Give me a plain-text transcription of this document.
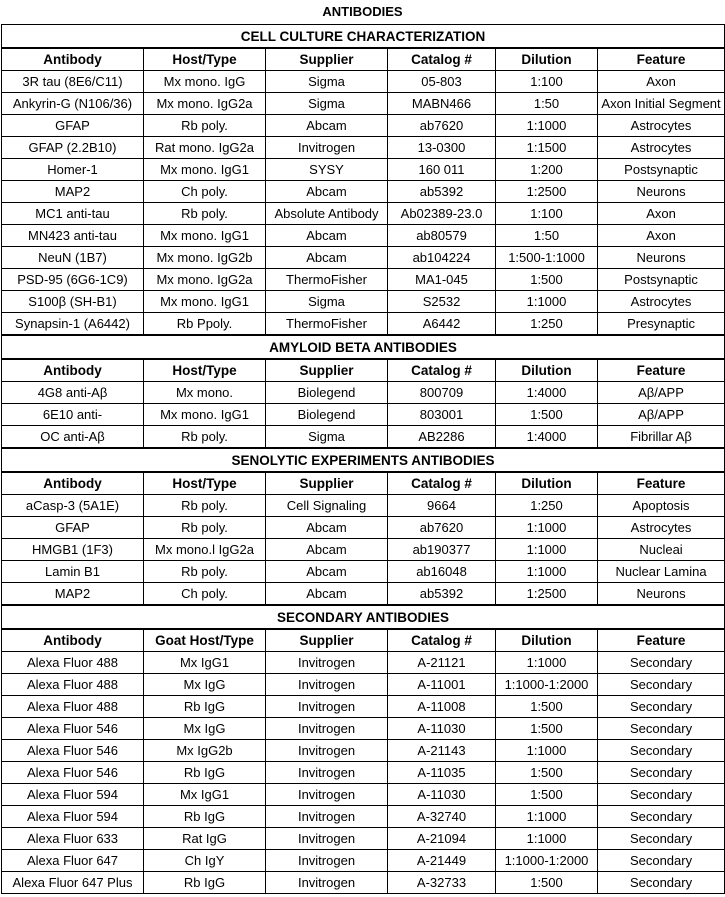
ANTIBODIES
CELL CULTURE CHARACTERIZATION					
Antibody	Host/Type	Supplier	Catalog #	Dilution	Feature
3R tau (8E6/C11)	Mx mono. IgG	Sigma	05-803	1:100	Axon
Ankyrin-G (N106/36)	Mx mono. IgG2a	Sigma	MABN466	1:50	Axon Initial Segment
GFAP	Rb poly.	Abcam	ab7620	1:1000	Astrocytes
GFAP (2.2B10)	Rat mono. IgG2a	Invitrogen	13-0300	1:1500	Astrocytes
Homer-1	Mx mono. IgG1	SYSY	160 011	1:200	Postsynaptic
MAP2	Ch poly.	Abcam	ab5392	1:2500	Neurons
MC1 anti-tau	Rb poly.	Absolute Antibody	Ab02389-23.0	1:100	Axon
MN423 anti-tau	Mx mono. IgG1	Abcam	ab80579	1:50	Axon
NeuN (1B7)	Mx mono. IgG2b	Abcam	ab104224	1:500-1:1000	Neurons
PSD-95 (6G6-1C9)	Mx mono. IgG2a	ThermoFisher	MA1-045	1:500	Postsynaptic
S100β (SH-B1)	Mx mono. IgG1	Sigma	S2532	1:1000	Astrocytes
Synapsin-1 (A6442)	Rb Ppoly.	ThermoFisher	A6442	1:250	Presynaptic
AMYLOID BETA ANTIBODIES					
Antibody	Host/Type	Supplier	Catalog #	Dilution	Feature
4G8 anti-Aβ	Mx mono.	Biolegend	800709	1:4000	Aβ/APP
6E10 anti-	Mx mono. IgG1	Biolegend	803001	1:500	Aβ/APP
OC anti-Aβ	Rb poly.	Sigma	AB2286	1:4000	Fibrillar Aβ
SENOLYTIC EXPERIMENTS ANTIBODIES					
Antibody	Host/Type	Supplier	Catalog #	Dilution	Feature
aCasp-3 (5A1E)	Rb poly.	Cell Signaling	9664	1:250	Apoptosis
GFAP	Rb poly.	Abcam	ab7620	1:1000	Astrocytes
HMGB1 (1F3)	Mx mono.l IgG2a	Abcam	ab190377	1:1000	Nucleai
Lamin B1	Rb poly.	Abcam	ab16048	1:1000	Nuclear Lamina
MAP2	Ch poly.	Abcam	ab5392	1:2500	Neurons
SECONDARY ANTIBODIES					
Antibody	Goat Host/Type	Supplier	Catalog #	Dilution	Feature
Alexa Fluor 488	Mx IgG1	Invitrogen	A-21121	1:1000	Secondary
Alexa Fluor 488	Mx IgG	Invitrogen	A-11001	1:1000-1:2000	Secondary
Alexa Fluor 488	Rb IgG	Invitrogen	A-11008	1:500	Secondary
Alexa Fluor 546	Mx IgG	Invitrogen	A-11030	1:500	Secondary
Alexa Fluor 546	Mx IgG2b	Invitrogen	A-21143	1:1000	Secondary
Alexa Fluor 546	Rb IgG	Invitrogen	A-11035	1:500	Secondary
Alexa Fluor 594	Mx IgG1	Invitrogen	A-11030	1:500	Secondary
Alexa Fluor 594	Rb IgG	Invitrogen	A-32740	1:1000	Secondary
Alexa Fluor 633	Rat IgG	Invitrogen	A-21094	1:1000	Secondary
Alexa Fluor 647	Ch IgY	Invitrogen	A-21449	1:1000-1:2000	Secondary
Alexa Fluor 647 Plus	Rb IgG	Invitrogen	A-32733	1:500	Secondary
